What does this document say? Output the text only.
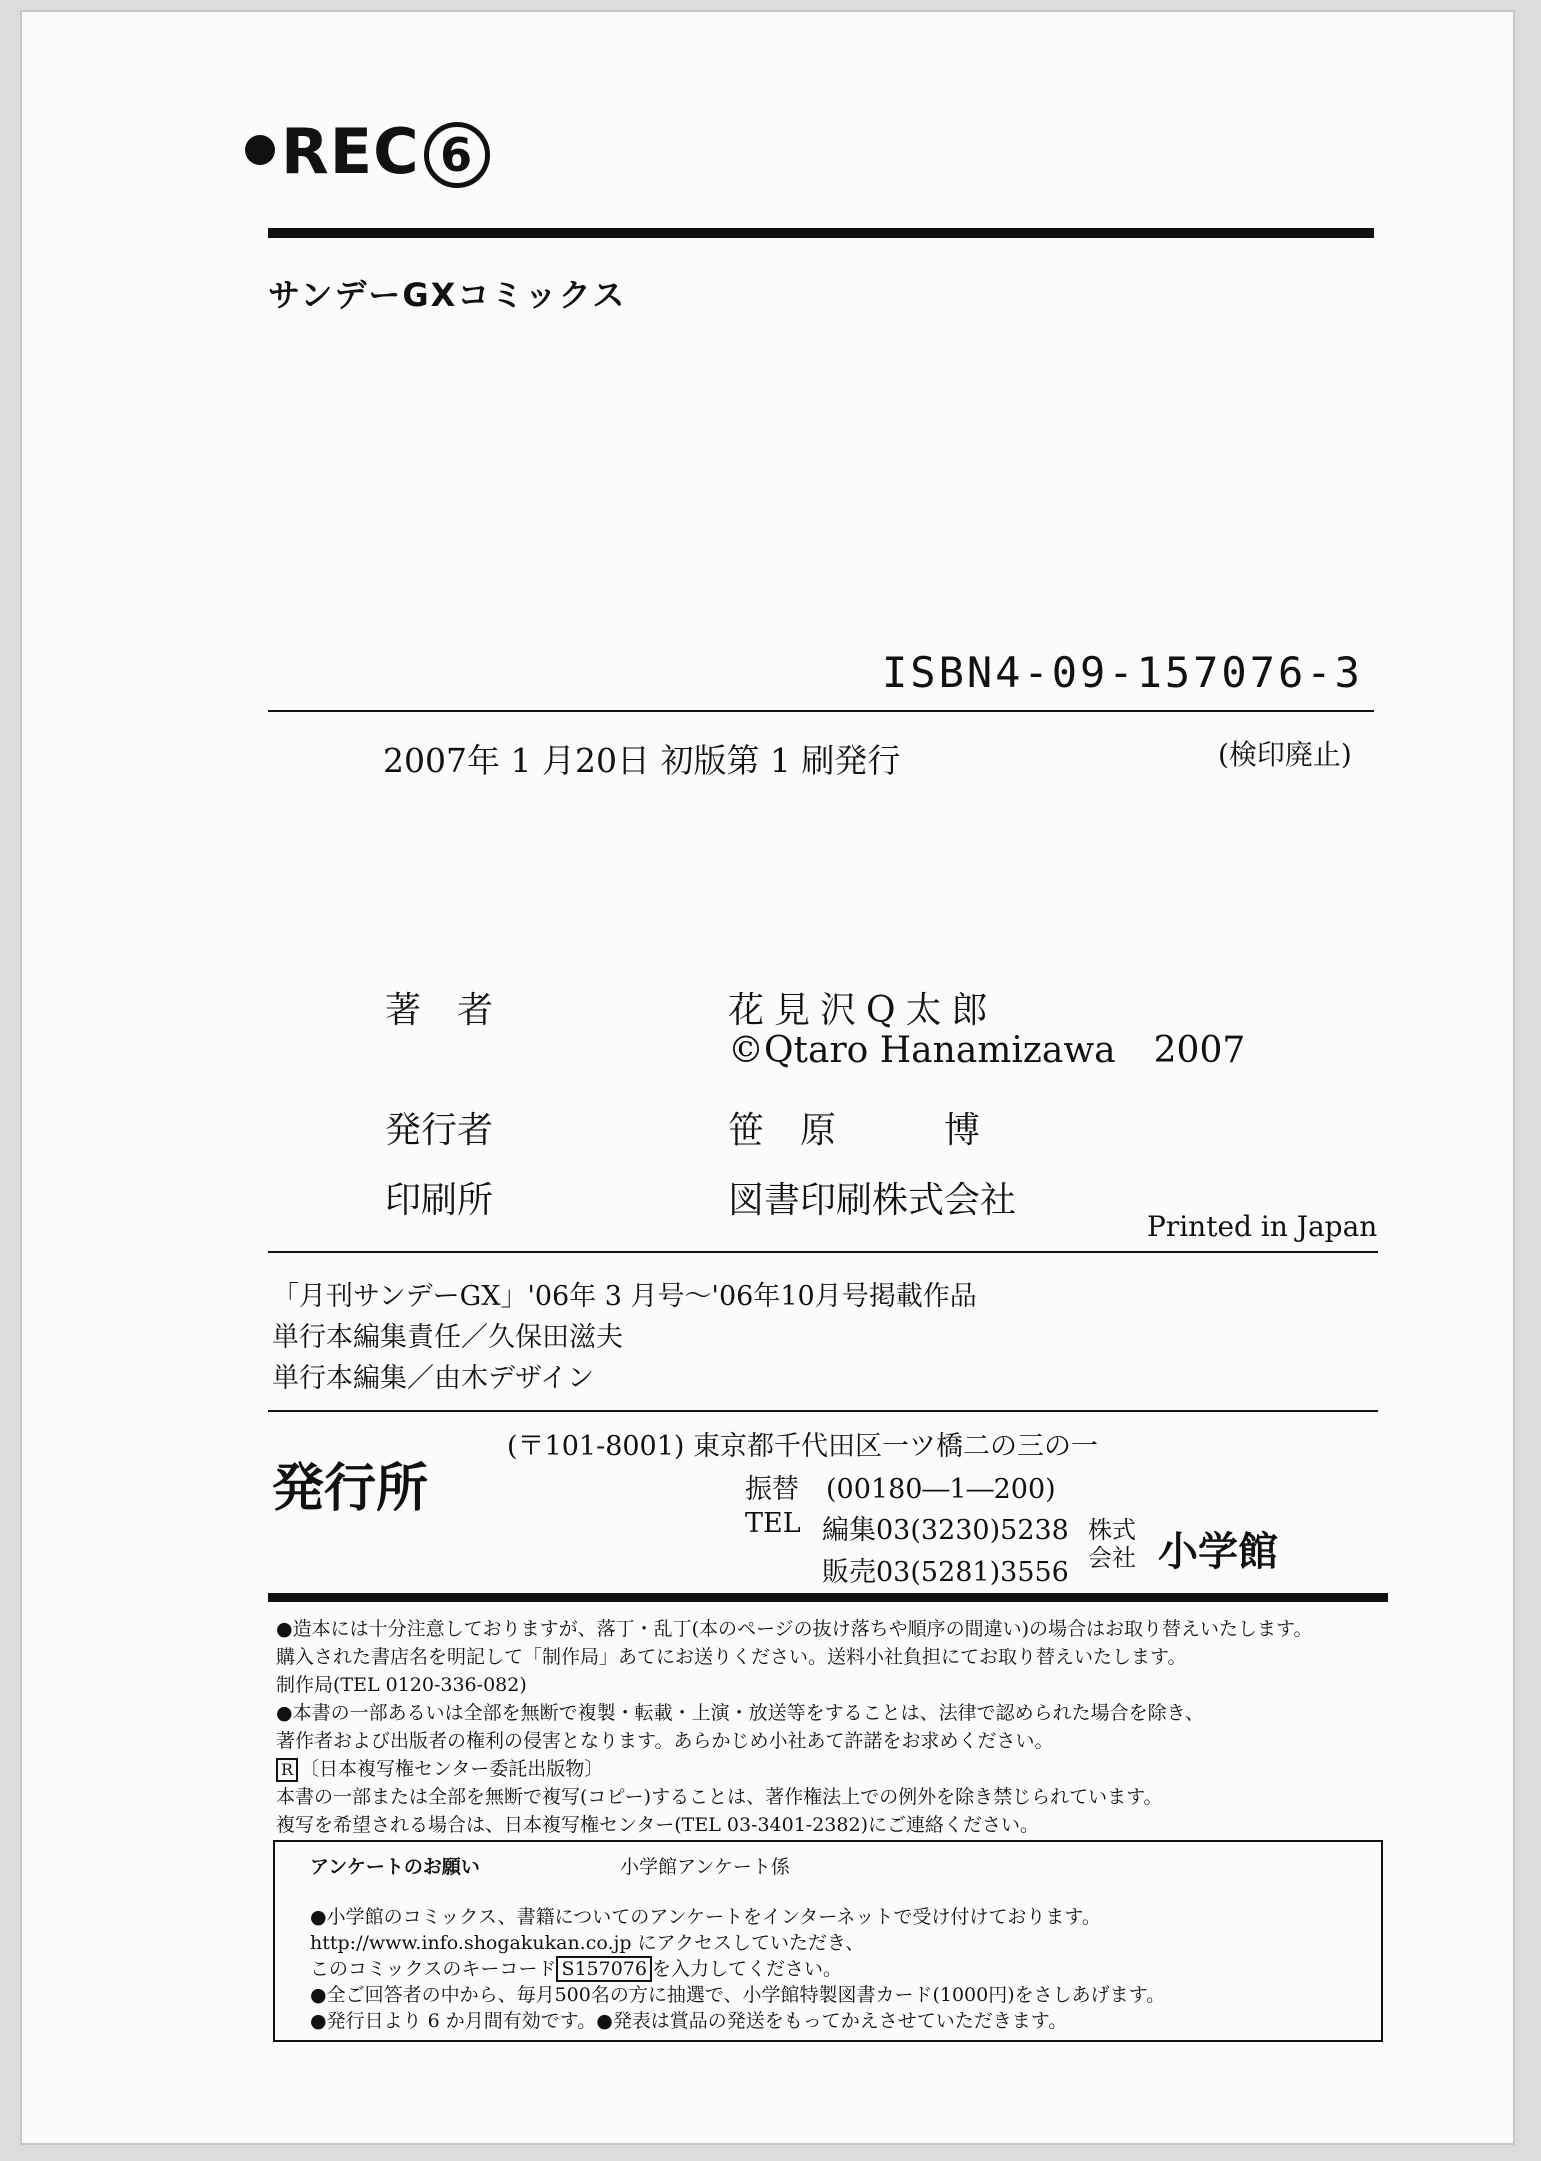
REC 6
サンデーGXコミックス
ISBN4-09-157076-3
2007年 1 月20日 初版第 1 刷発行	(検印廃止)
著　者	花見沢Q太郎
©Qtaro Hanamizawa 2007
発行者	笹　原　　　博
印刷所	図書印刷株式会社
Printed in Japan
「月刊サンデーGX」'06年 3 月号〜'06年10月号掲載作品
単行本編集責任／久保田滋夫
単行本編集／由木デザイン
発行所
(〒101-8001) 東京都千代田区一ツ橋二の三の一
振替　(00180―1―200)
TEL 編集03(3230)5238
販売03(5281)3556
株式
会社 小学館
●造本には十分注意しておりますが、落丁・乱丁(本のページの抜け落ちや順序の間違い)の場合はお取り替えいたします。
購入された書店名を明記して「制作局」あてにお送りください。送料小社負担にてお取り替えいたします。
制作局(TEL 0120-336-082)
●本書の一部あるいは全部を無断で複製・転載・上演・放送等をすることは、法律で認められた場合を除き、
著作者および出版者の権利の侵害となります。あらかじめ小社あて許諾をお求めください。
R 〔日本複写権センター委託出版物〕
本書の一部または全部を無断で複写(コピー)することは、著作権法上での例外を除き禁じられています。
複写を希望される場合は、日本複写権センター(TEL 03-3401-2382)にご連絡ください。
アンケートのお願い	小学館アンケート係
●小学館のコミックス、書籍についてのアンケートをインターネットで受け付けております。
http://www.info.shogakukan.co.jp にアクセスしていただき、
このコミックスのキーコード S157076 を入力してください。
●全ご回答者の中から、毎月500名の方に抽選で、小学館特製図書カード(1000円)をさしあげます。
●発行日より 6 か月間有効です。●発表は賞品の発送をもってかえさせていただきます。
